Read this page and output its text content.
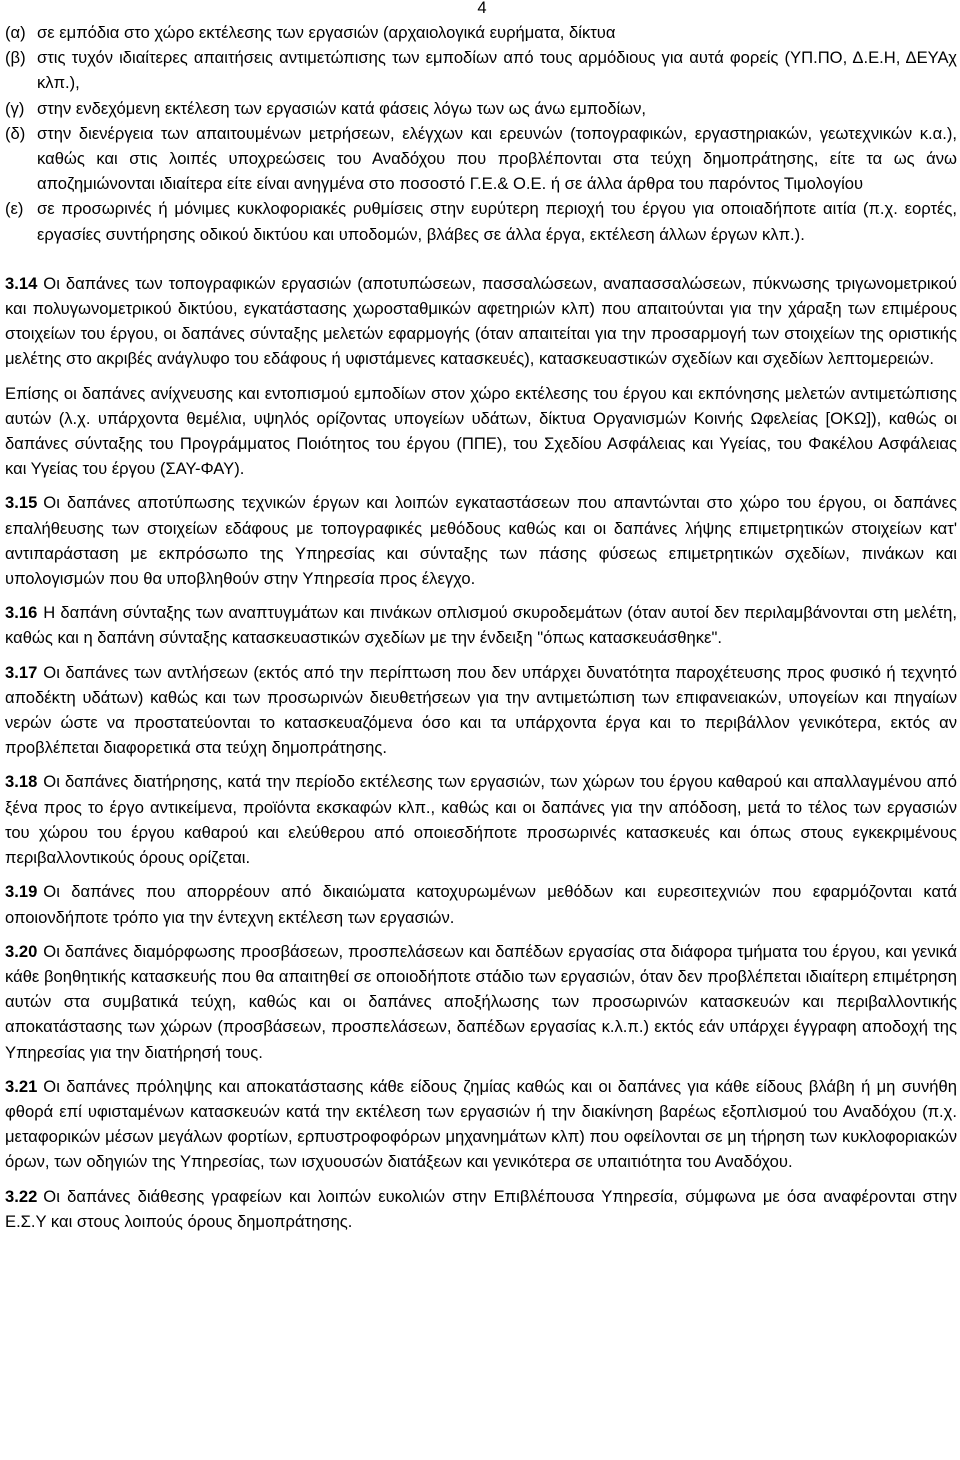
4
(α) σε εμπόδια στο χώρο εκτέλεσης των εργασιών (αρχαιολογικά ευρήματα, δίκτυα
(β) στις τυχόν ιδιαίτερες απαιτήσεις αντιμετώπισης των εμποδίων από τους αρμόδιους για αυτά φορείς (ΥΠ.ΠΟ, Δ.Ε.Η, ΔΕΥΑχ κλπ.),
(γ) στην ενδεχόμενη εκτέλεση των εργασιών κατά φάσεις λόγω των ως άνω εμποδίων,
(δ) στην διενέργεια των απαιτουμένων μετρήσεων, ελέγχων και ερευνών (τοπογραφικών, εργαστηριακών, γεωτεχνικών κ.α.), καθώς και στις λοιπές υποχρεώσεις του Αναδόχου που προβλέπονται στα τεύχη δημοπράτησης, είτε τα ως άνω αποζημιώνονται ιδιαίτερα είτε είναι ανηγμένα στο ποσοστό Γ.Ε.& Ο.Ε. ή σε άλλα άρθρα του παρόντος Τιμολογίου
(ε) σε προσωρινές ή μόνιμες κυκλοφοριακές ρυθμίσεις στην ευρύτερη περιοχή του έργου για οποιαδήποτε αιτία (π.χ. εορτές, εργασίες συντήρησης οδικού δικτύου και υποδομών, βλάβες σε άλλα έργα, εκτέλεση άλλων έργων κλπ.).

3.14 Οι δαπάνες των τοπογραφικών εργασιών (αποτυπώσεων, πασσαλώσεων, αναπασσαλώσεων, πύκνωσης τριγωνομετρικού και πολυγωνομετρικού δικτύου, εγκατάστασης χωροσταθμικών αφετηριών κλπ) που απαιτούνται για την χάραξη των επιμέρους στοιχείων του έργου, οι δαπάνες σύνταξης μελετών εφαρμογής (όταν απαιτείται για την προσαρμογή των στοιχείων της οριστικής μελέτης στο ακριβές ανάγλυφο του εδάφους ή υφιστάμενες κατασκευές), κατασκευαστικών σχεδίων και σχεδίων λεπτομερειών.

Επίσης οι δαπάνες ανίχνευσης και εντοπισμού εμποδίων στον χώρο εκτέλεσης του έργου και εκπόνησης μελετών αντιμετώπισης αυτών (λ.χ. υπάρχοντα θεμέλια, υψηλός ορίζοντας υπογείων υδάτων, δίκτυα Οργανισμών Κοινής Ωφελείας [ΟΚΩ]), καθώς οι δαπάνες σύνταξης του Προγράμματος Ποιότητος του έργου (ΠΠΕ), του Σχεδίου Ασφάλειας και Υγείας, του Φακέλου Ασφάλειας και Υγείας του έργου (ΣΑΥ-ΦΑΥ).

3.15 Οι δαπάνες αποτύπωσης τεχνικών έργων και λοιπών εγκαταστάσεων που απαντώνται στο χώρο του έργου, οι δαπάνες επαλήθευσης των στοιχείων εδάφους με τοπογραφικές μεθόδους καθώς και οι δαπάνες λήψης επιμετρητικών στοιχείων κατ' αντιπαράσταση με εκπρόσωπο της Υπηρεσίας και σύνταξης των πάσης φύσεως επιμετρητικών σχεδίων, πινάκων και υπολογισμών που θα υποβληθούν στην Υπηρεσία προς έλεγχο.

3.16 Η δαπάνη σύνταξης των αναπτυγμάτων και πινάκων οπλισμού σκυροδεμάτων (όταν αυτοί δεν περιλαμβάνονται στη μελέτη, καθώς και η δαπάνη σύνταξης κατασκευαστικών σχεδίων με την ένδειξη "όπως κατασκευάσθηκε".

3.17 Οι δαπάνες των αντλήσεων (εκτός από την περίπτωση που δεν υπάρχει δυνατότητα παροχέτευσης προς φυσικό ή τεχνητό αποδέκτη υδάτων) καθώς και των προσωρινών διευθετήσεων για την αντιμετώπιση των επιφανειακών, υπογείων και πηγαίων νερών ώστε να προστατεύονται το κατασκευαζόμενα όσο και τα υπάρχοντα έργα και το περιβάλλον γενικότερα, εκτός αν προβλέπεται διαφορετικά στα τεύχη δημοπράτησης.

3.18 Οι δαπάνες διατήρησης, κατά την περίοδο εκτέλεσης των εργασιών, των χώρων του έργου καθαρού και απαλλαγμένου από ξένα προς το έργο αντικείμενα, προϊόντα εκσκαφών κλπ., καθώς και οι δαπάνες για την απόδοση, μετά το τέλος των εργασιών του χώρου του έργου καθαρού και ελεύθερου από οποιεσδήποτε προσωρινές κατασκευές και όπως στους εγκεκριμένους περιβαλλοντικούς όρους ορίζεται.

3.19 Οι δαπάνες που απορρέουν από δικαιώματα κατοχυρωμένων μεθόδων και ευρεσιτεχνιών που εφαρμόζονται κατά οποιονδήποτε τρόπο για την έντεχνη εκτέλεση των εργασιών.

3.20 Οι δαπάνες διαμόρφωσης προσβάσεων, προσπελάσεων και δαπέδων εργασίας στα διάφορα τμήματα του έργου, και γενικά κάθε βοηθητικής κατασκευής που θα απαιτηθεί σε οποιοδήποτε στάδιο των εργασιών, όταν δεν προβλέπεται ιδιαίτερη επιμέτρηση αυτών στα συμβατικά τεύχη, καθώς και οι δαπάνες αποξήλωσης των προσωρινών κατασκευών και περιβαλλοντικής αποκατάστασης των χώρων (προσβάσεων, προσπελάσεων, δαπέδων εργασίας κ.λ.π.) εκτός εάν υπάρχει έγγραφη αποδοχή της Υπηρεσίας για την διατήρησή τους.

3.21 Οι δαπάνες πρόληψης και αποκατάστασης κάθε είδους ζημίας καθώς και οι δαπάνες για κάθε είδους βλάβη ή μη συνήθη φθορά επί υφισταμένων κατασκευών κατά την εκτέλεση των εργασιών ή την διακίνηση βαρέως εξοπλισμού του Αναδόχου (π.χ. μεταφορικών μέσων μεγάλων φορτίων, ερπυστροφοφόρων μηχανημάτων κλπ) που οφείλονται σε μη τήρηση των κυκλοφοριακών όρων, των οδηγιών της Υπηρεσίας, των ισχυουσών διατάξεων και γενικότερα σε υπαιτιότητα του Αναδόχου.

3.22 Οι δαπάνες διάθεσης γραφείων και λοιπών ευκολιών στην Επιβλέπουσα Υπηρεσία, σύμφωνα με όσα αναφέρονται στην Ε.Σ.Υ και στους λοιπούς όρους δημοπράτησης.
